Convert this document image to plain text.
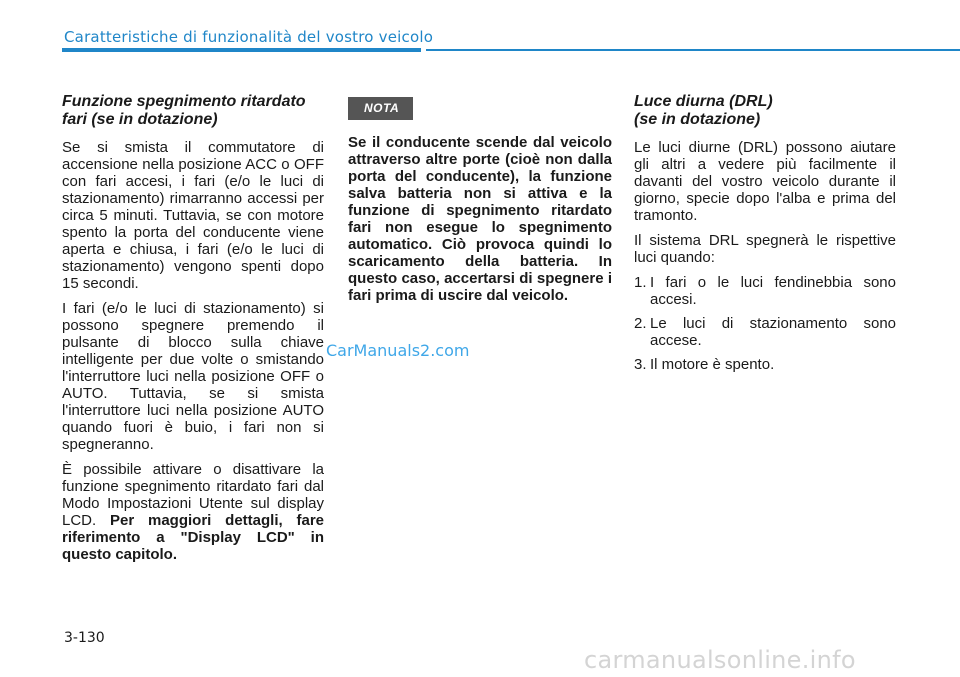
Caratteristiche di funzionalità del vostro veicolo
Funzione spegnimento ritardato
fari (se in dotazione)

Se si smista il commutatore di accensione nella posizione ACC o OFF con fari accesi, i fari (e/o le luci di stazionamento) rimarranno accessi per circa 5 minuti. Tuttavia, se con motore spento la porta del conducente viene aperta e chiusa, i fari (e/o le luci di stazionamento) vengono spenti dopo 15 secondi.

I fari (e/o le luci di stazionamento) si possono spegnere premendo il pulsante di blocco sulla chiave intelligente per due volte o smistando l'interruttore luci nella posizione OFF o AUTO. Tuttavia, se si smista l'interruttore luci nella posizione AUTO quando fuori è buio, i fari non si spegneranno.

È possibile attivare o disattivare la funzione spegnimento ritardato fari dal Modo Impostazioni Utente sul display LCD. Per maggiori dettagli, fare riferimento a "Display LCD" in questo capitolo.

NOTA

Se il conducente scende dal veicolo attraverso altre porte (cioè non dalla porta del conducente), la funzione salva batteria non si attiva e la funzione di spegnimento ritardato fari non esegue lo spegnimento automatico. Ciò provoca quindi lo scaricamento della batteria. In questo caso, accertarsi di spegnere i fari prima di uscire dal veicolo.

Luce diurna (DRL)
(se in dotazione)

Le luci diurne (DRL) possono aiutare gli altri a vedere più facilmente il davanti del vostro veicolo durante il giorno, specie dopo l'alba e prima del tramonto.

Il sistema DRL spegnerà le rispettive luci quando:

1. I fari o le luci fendinebbia sono accesi.
2. Le luci di stazionamento sono accese.
3. Il motore è spento.
CarManuals2.com
3-130
carmanualsonline.info
